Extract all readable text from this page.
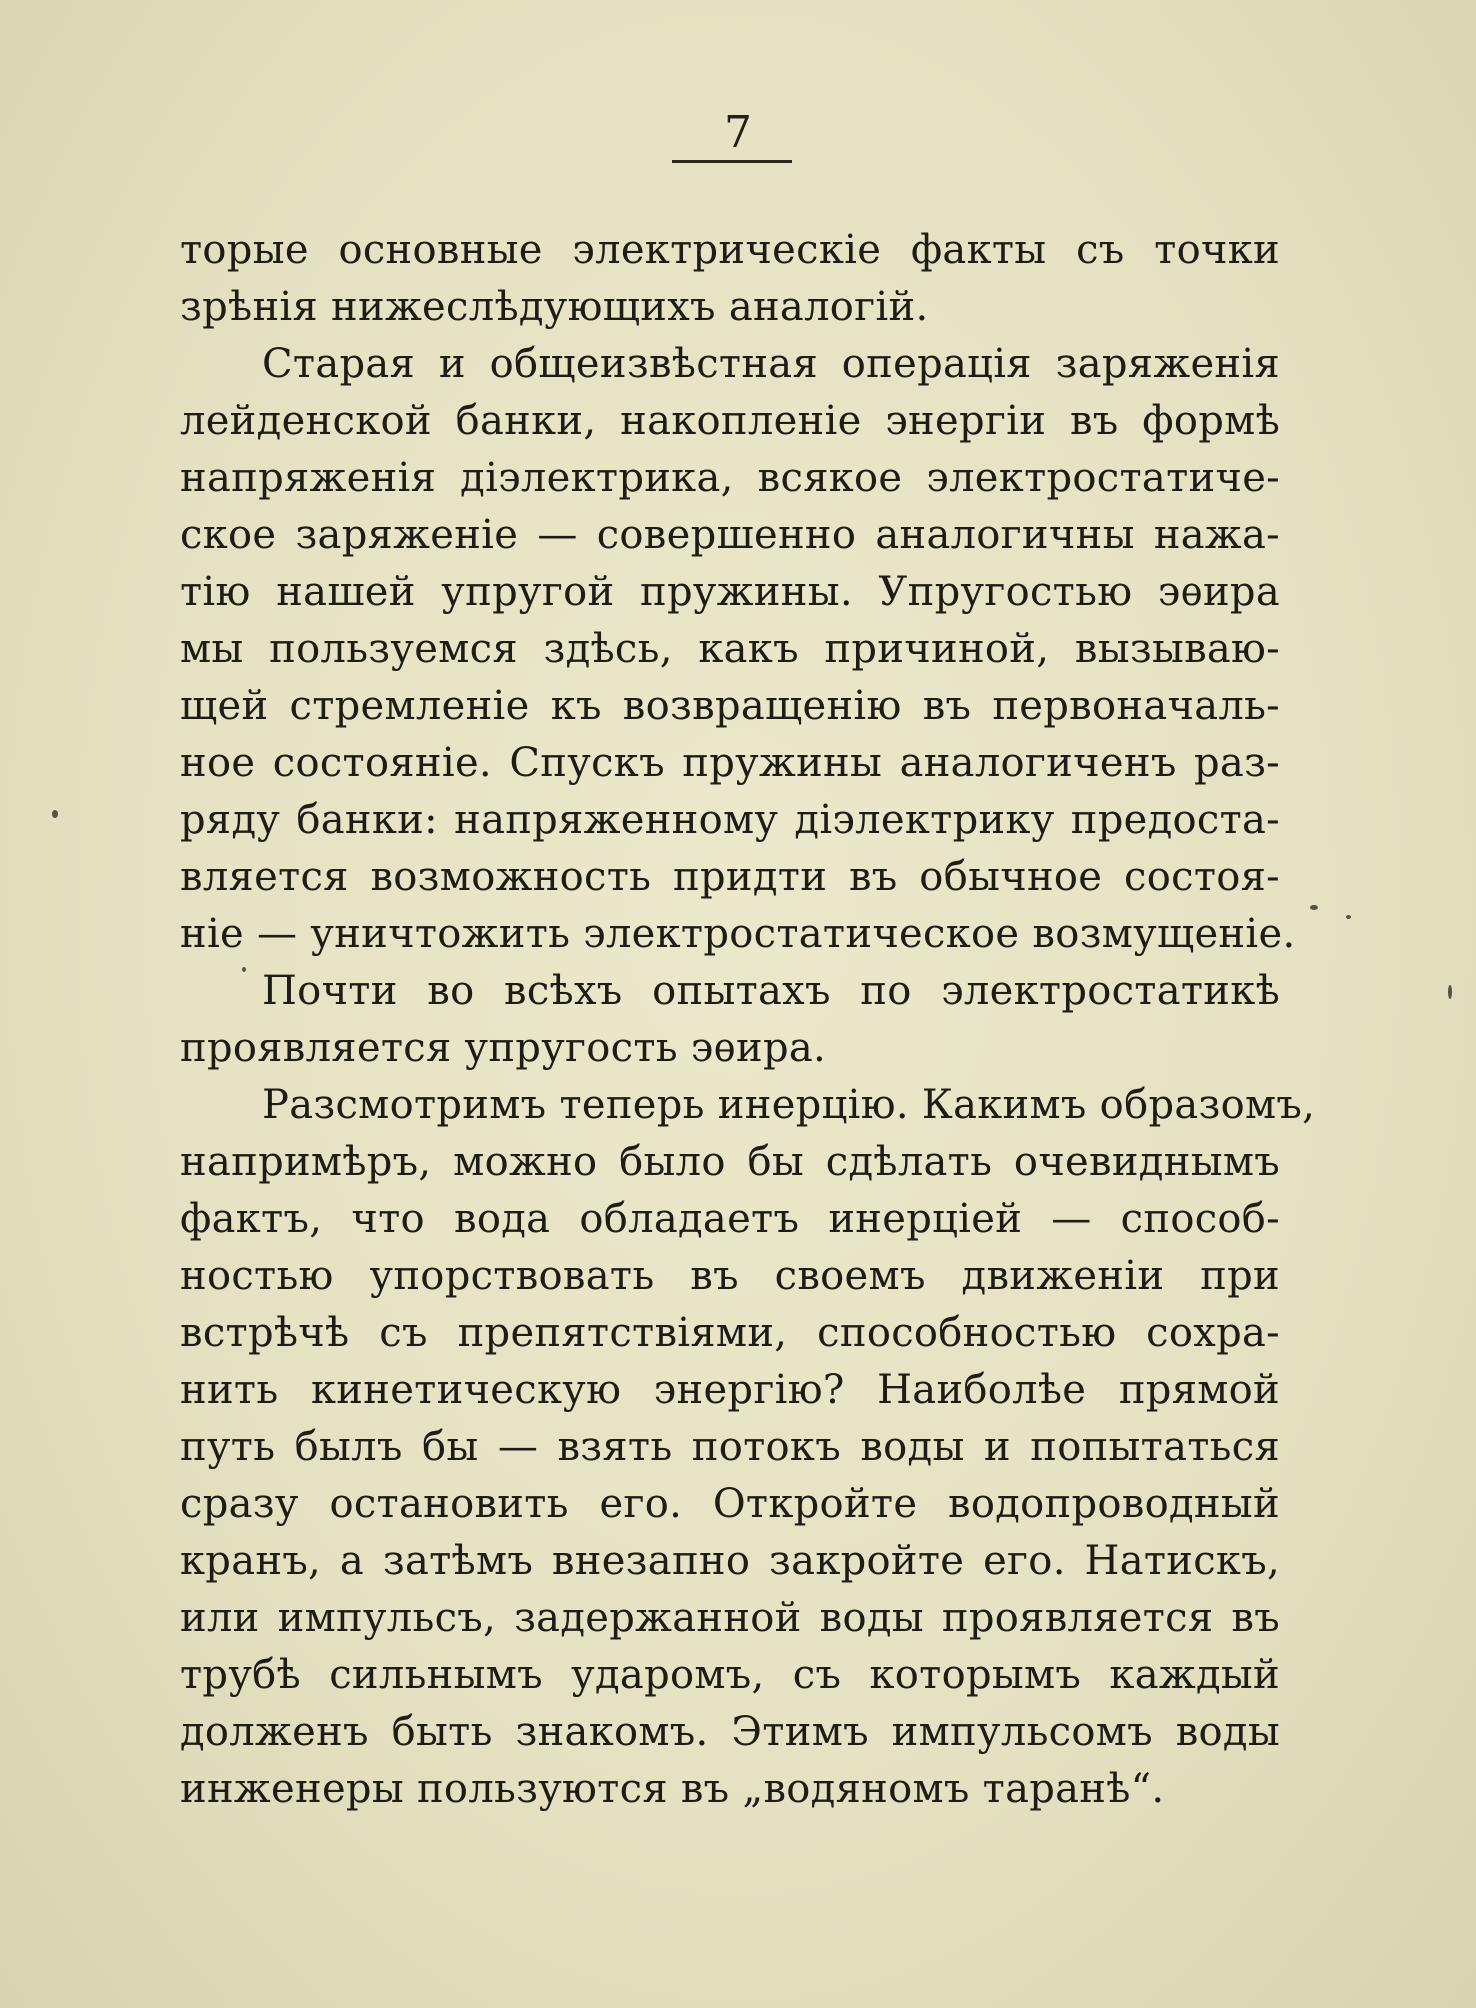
7
торые основные электрическіе факты съ точки
зрѣнія нижеслѣдующихъ аналогій.
Старая и общеизвѣстная операція заряженія
лейденской банки, накопленіе энергіи въ формѣ
напряженія діэлектрика, всякое электростатиче-
ское заряженіе — совершенно аналогичны нажа-
тію нашей упругой пружины. Упругостью эѳира
мы пользуемся здѣсь, какъ причиной, вызываю-
щей стремленіе къ возвращенію въ первоначаль-
ное состояніе. Спускъ пружины аналогиченъ раз-
ряду банки: напряженному діэлектрику предоста-
вляется возможность придти въ обычное состоя-
ніе — уничтожить электростатическое возмущеніе.
Почти во всѣхъ опытахъ по электростатикѣ
проявляется упругость эѳира.
Разсмотримъ теперь инерцію. Какимъ образомъ,
напримѣръ, можно было бы сдѣлать очевиднымъ
фактъ, что вода обладаетъ инерціей — способ-
ностью упорствовать въ своемъ движеніи при
встрѣчѣ съ препятствіями, способностью сохра-
нить кинетическую энергію? Наиболѣе прямой
путь былъ бы — взять потокъ воды и попытаться
сразу остановить его. Откройте водопроводный
кранъ, а затѣмъ внезапно закройте его. Натискъ,
или импульсъ, задержанной воды проявляется въ
трубѣ сильнымъ ударомъ, съ которымъ каждый
долженъ быть знакомъ. Этимъ импульсомъ воды
инженеры пользуются въ „водяномъ таранѣ“.
